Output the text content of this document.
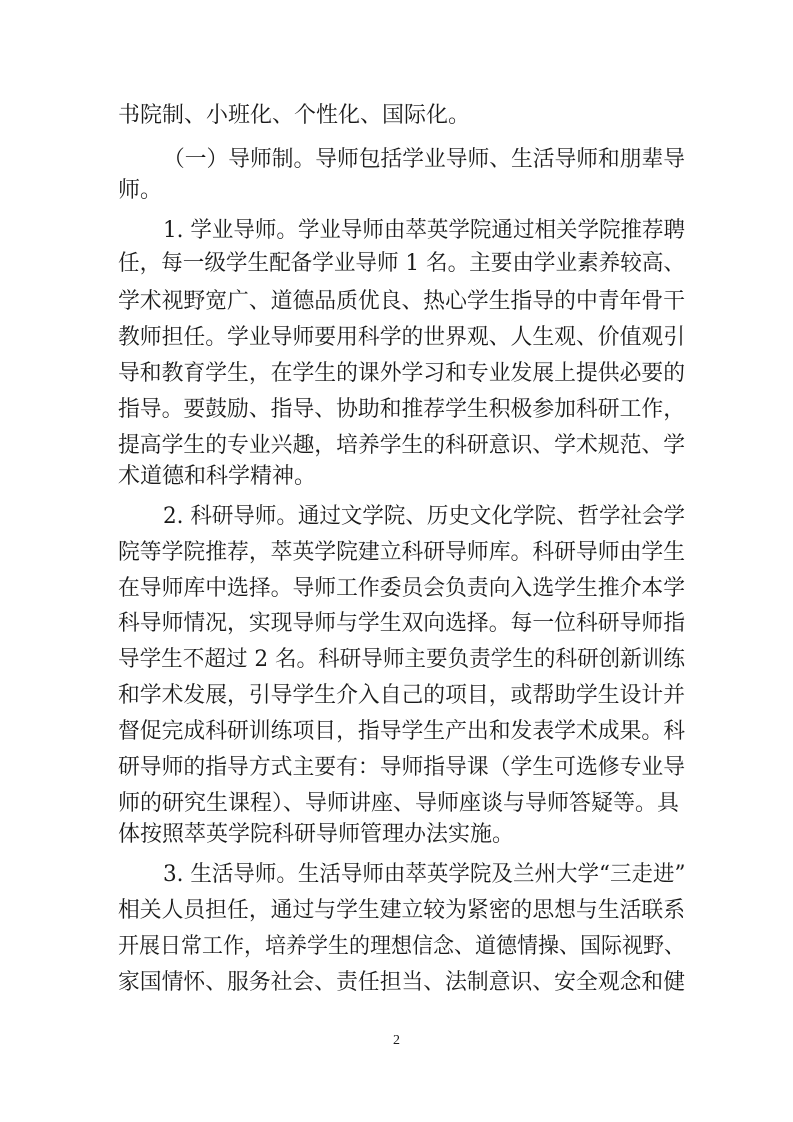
书院制、小班化、个性化、国际化。
（一）导师制。导师包括学业导师、生活导师和朋辈导
师。
1. 学业导师。学业导师由萃英学院通过相关学院推荐聘
任，每一级学生配备学业导师 1 名。主要由学业素养较高、
学术视野宽广、道德品质优良、热心学生指导的中青年骨干
教师担任。学业导师要用科学的世界观、人生观、价值观引
导和教育学生，在学生的课外学习和专业发展上提供必要的
指导。要鼓励、指导、协助和推荐学生积极参加科研工作，
提高学生的专业兴趣，培养学生的科研意识、学术规范、学
术道德和科学精神。
2. 科研导师。通过文学院、历史文化学院、哲学社会学
院等学院推荐，萃英学院建立科研导师库。科研导师由学生
在导师库中选择。导师工作委员会负责向入选学生推介本学
科导师情况，实现导师与学生双向选择。每一位科研导师指
导学生不超过 2 名。科研导师主要负责学生的科研创新训练
和学术发展，引导学生介入自己的项目，或帮助学生设计并
督促完成科研训练项目，指导学生产出和发表学术成果。科
研导师的指导方式主要有：导师指导课（学生可选修专业导
师的研究生课程）、导师讲座、导师座谈与导师答疑等。具
体按照萃英学院科研导师管理办法实施。
3. 生活导师。生活导师由萃英学院及兰州大学“三走进”
相关人员担任，通过与学生建立较为紧密的思想与生活联系
开展日常工作，培养学生的理想信念、道德情操、国际视野、
家国情怀、服务社会、责任担当、法制意识、安全观念和健
2
